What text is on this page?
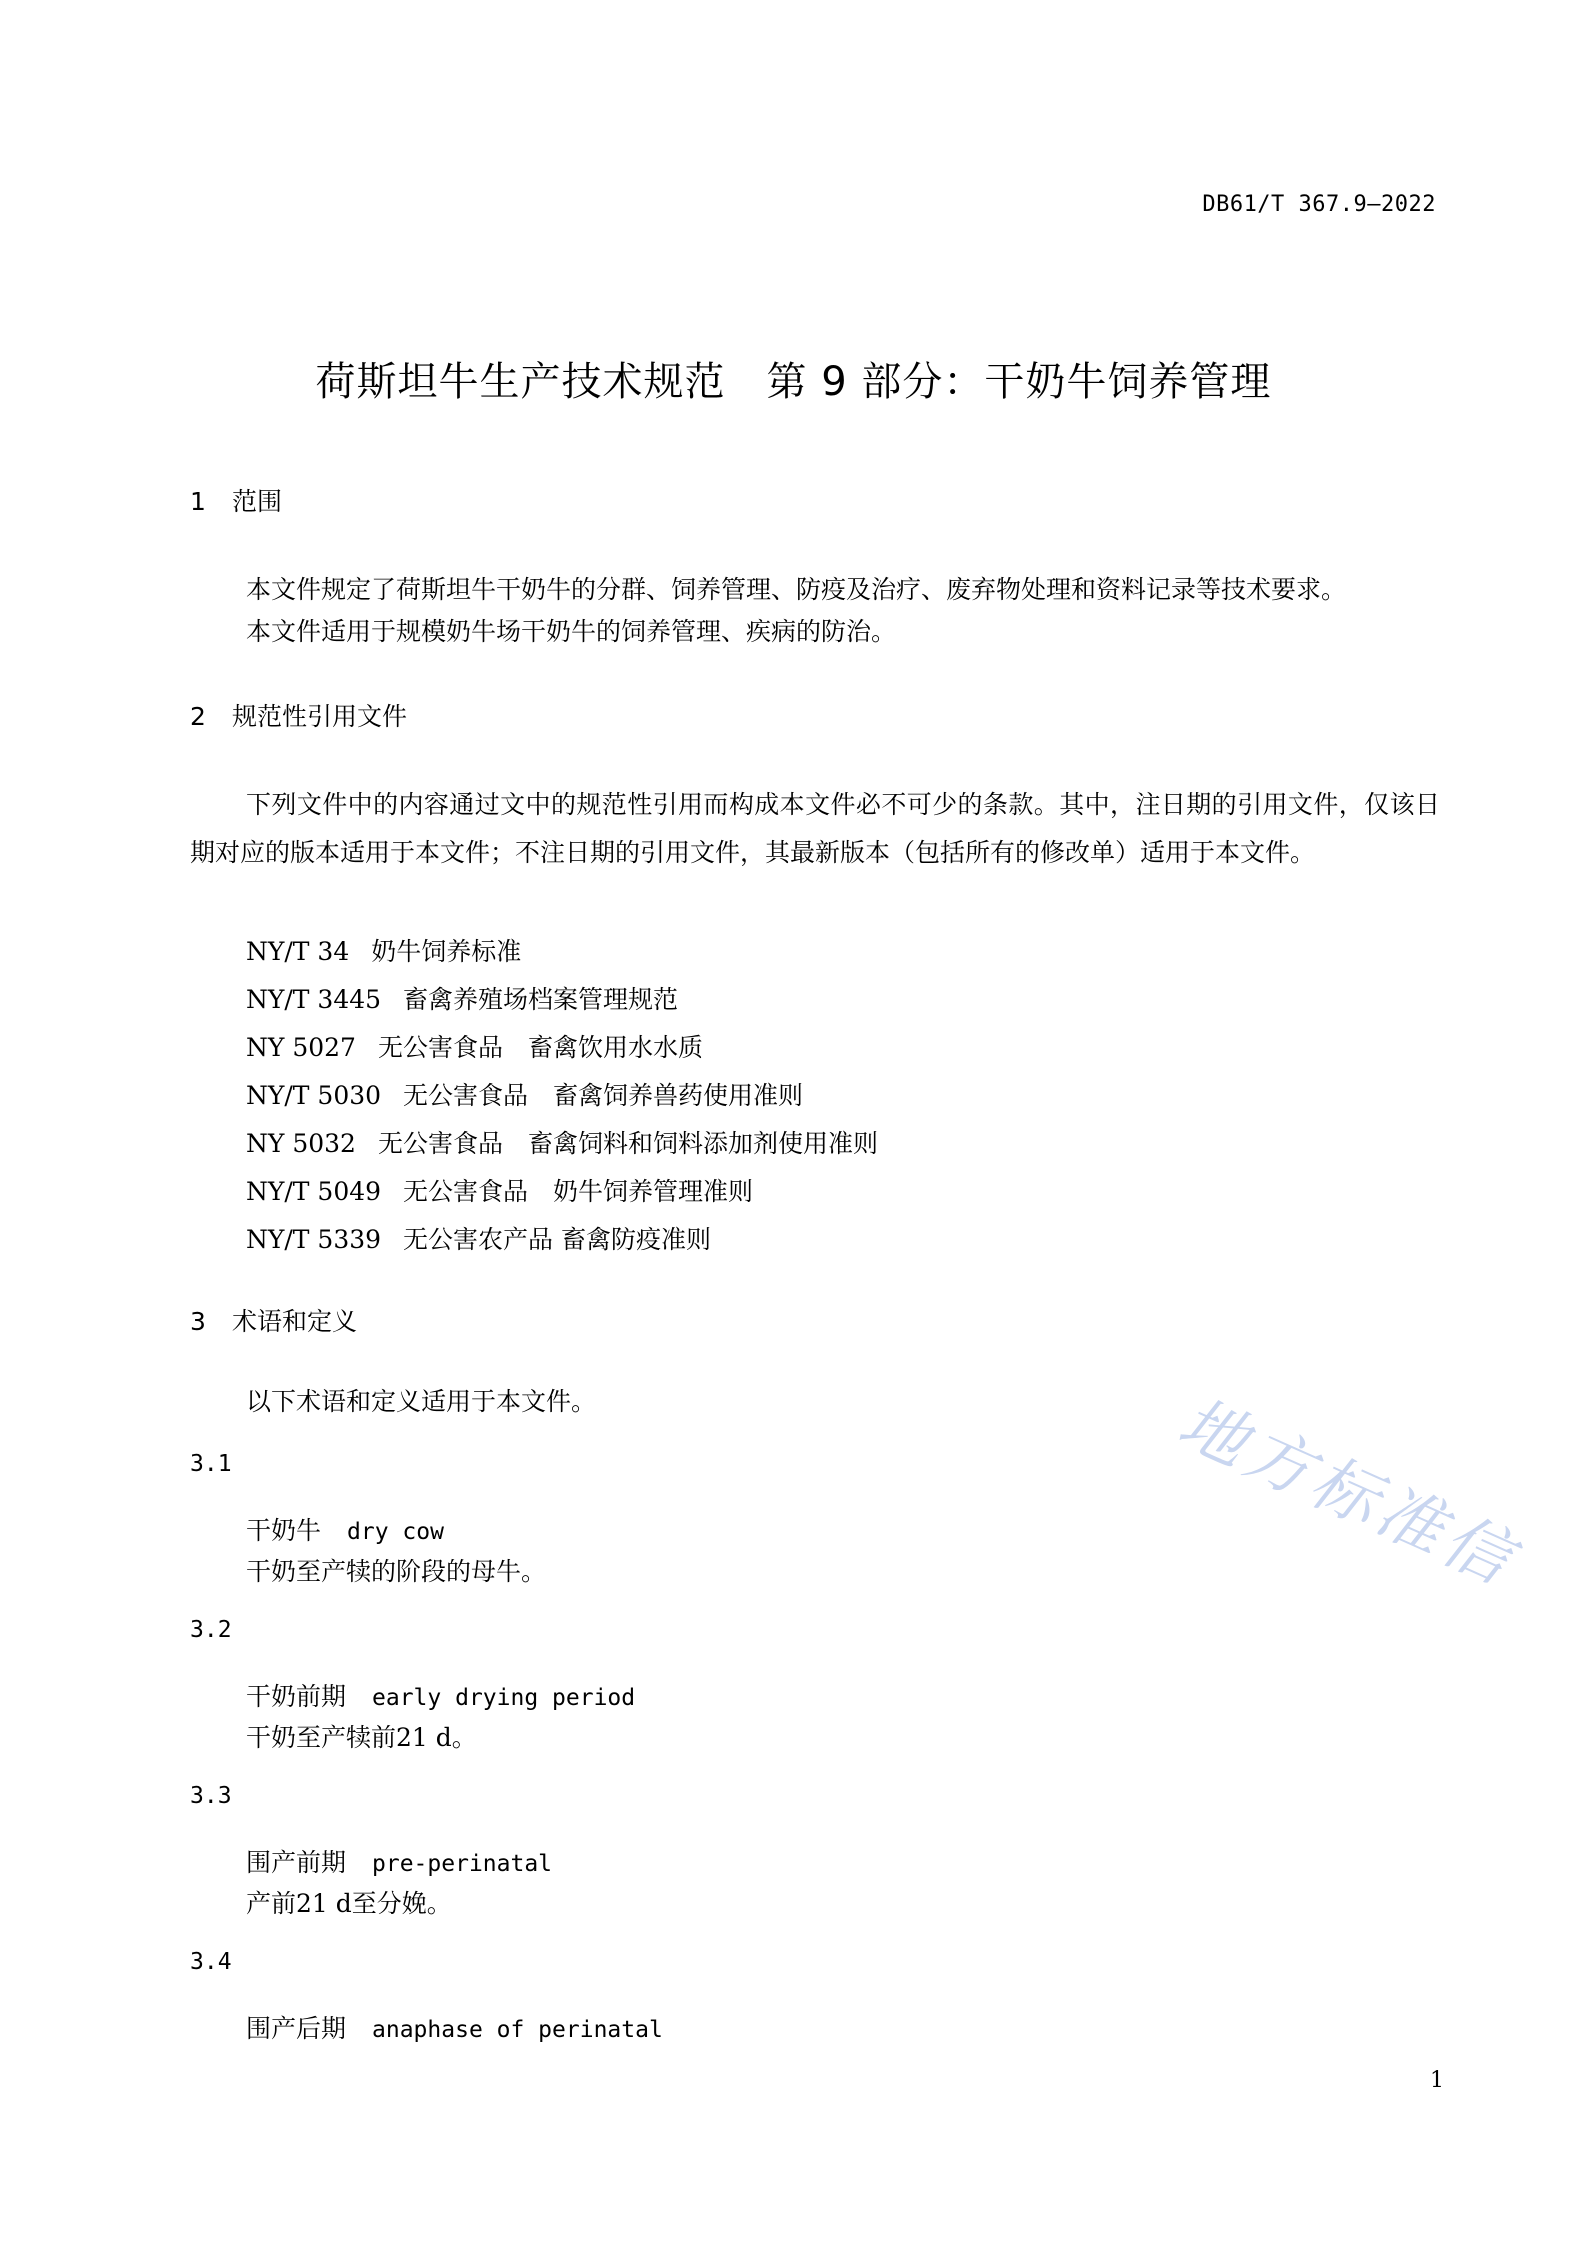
DB61/T 367.9—2022
荷斯坦牛生产技术规范　第 9 部分：干奶牛饲养管理
1 范围
本文件规定了荷斯坦牛干奶牛的分群、饲养管理、防疫及治疗、废弃物处理和资料记录等技术要求。
本文件适用于规模奶牛场干奶牛的饲养管理、疾病的防治。
2 规范性引用文件
下列文件中的内容通过文中的规范性引用而构成本文件必不可少的条款。其中，注日期的引用文件，仅该日期对应的版本适用于本文件；不注日期的引用文件，其最新版本（包括所有的修改单）适用于本文件。
NY/T 34 奶牛饲养标准
NY/T 3445 畜禽养殖场档案管理规范
NY 5027 无公害食品　畜禽饮用水水质
NY/T 5030 无公害食品　畜禽饲养兽药使用准则
NY 5032 无公害食品　畜禽饲料和饲料添加剂使用准则
NY/T 5049 无公害食品　奶牛饲养管理准则
NY/T 5339 无公害农产品 畜禽防疫准则
3 术语和定义
以下术语和定义适用于本文件。
3.1
干奶牛 dry cow
干奶至产犊的阶段的母牛。
3.2
干奶前期 early drying period
干奶至产犊前21 d。
3.3
围产前期 pre-perinatal
产前21 d至分娩。
3.4
围产后期 anaphase of perinatal
地方标准信
1
